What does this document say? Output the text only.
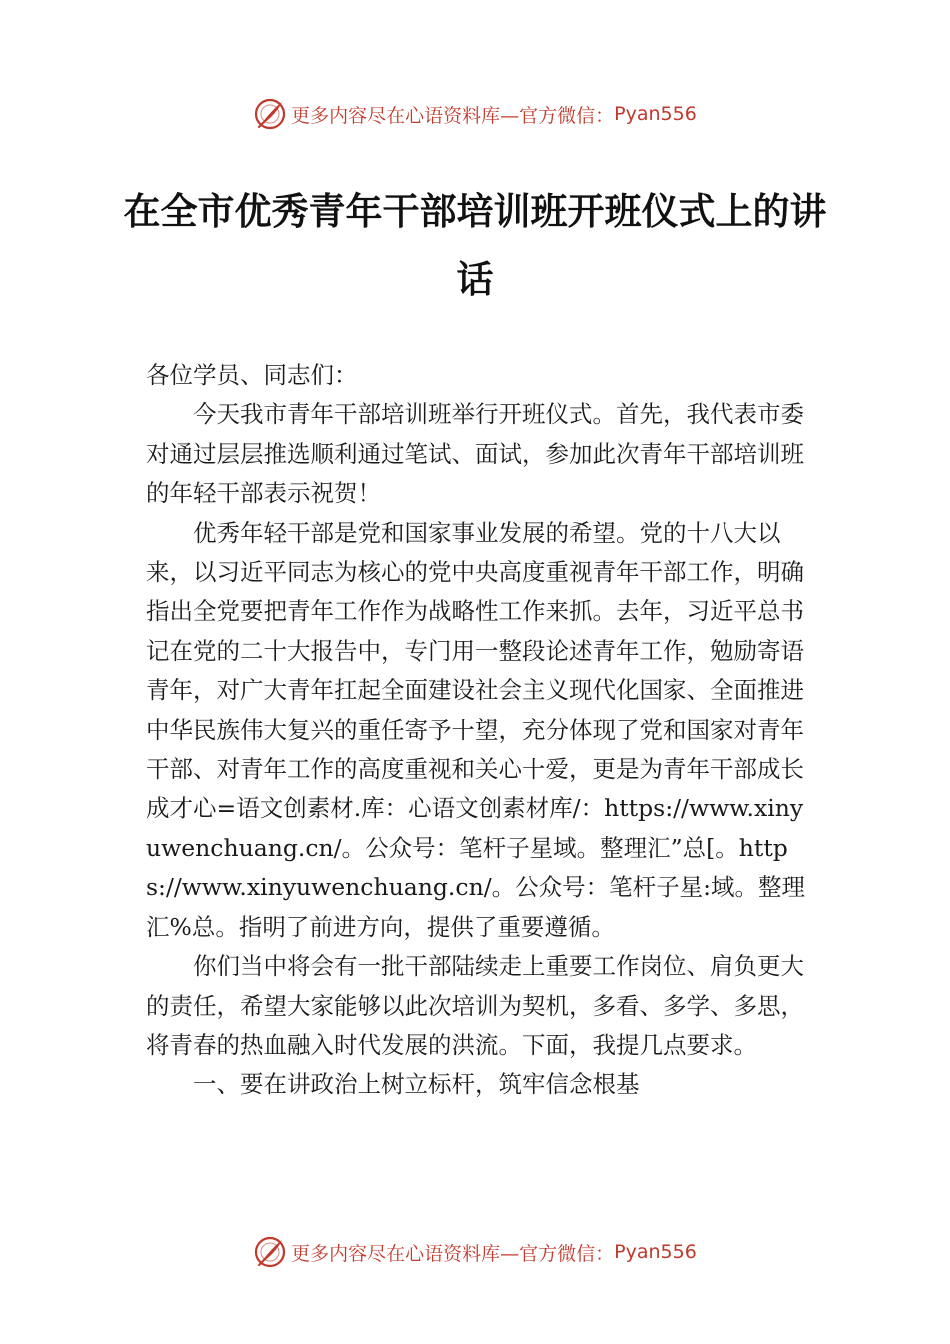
更多内容尽在心语资料库—官方微信： Pyan556
在全市优秀青年干部培训班开班仪式上的讲话

各位学员、同志们：

今天我市青年干部培训班举行开班仪式。首先，我代表市委对通过层层推选顺利通过笔试、面试，参加此次青年干部培训班的年轻干部表示祝贺！

优秀年轻干部是党和国家事业发展的希望。党的十八大以来，以习近平同志为核心的党中央高度重视青年干部工作，明确指出全党要把青年工作作为战略性工作来抓。去年，习近平总书记在党的二十大报告中，专门用一整段论述青年工作，勉励寄语青年，对广大青年扛起全面建设社会主义现代化国家、全面推进中华民族伟大复兴的重任寄予〸望，充分体现了党和国家对青年干部、对青年工作的高度重视和关心〸爱，更是为青年干部成长成才心=语文创素材.库：心语文创素材库/：https://www.xinyuwenchuang.cn/。公众号：笔杆子星域。整理汇”总[。https://www.xinyuwenchuang.cn/。公众号：笔杆子星:域。整理汇%总。指明了前进方向，提供了重要遵循。

你们当中将会有一批干部陆续走上重要工作岗位、肩负更大的责任，希望大家能够以此次培训为契机，多看、多学、多思，将青春的热血融入时代发展的洪流。下面，我提几点要求。

一、要在讲政治上树立标杆，筑牢信念根基

更多内容尽在心语资料库—官方微信： Pyan556
